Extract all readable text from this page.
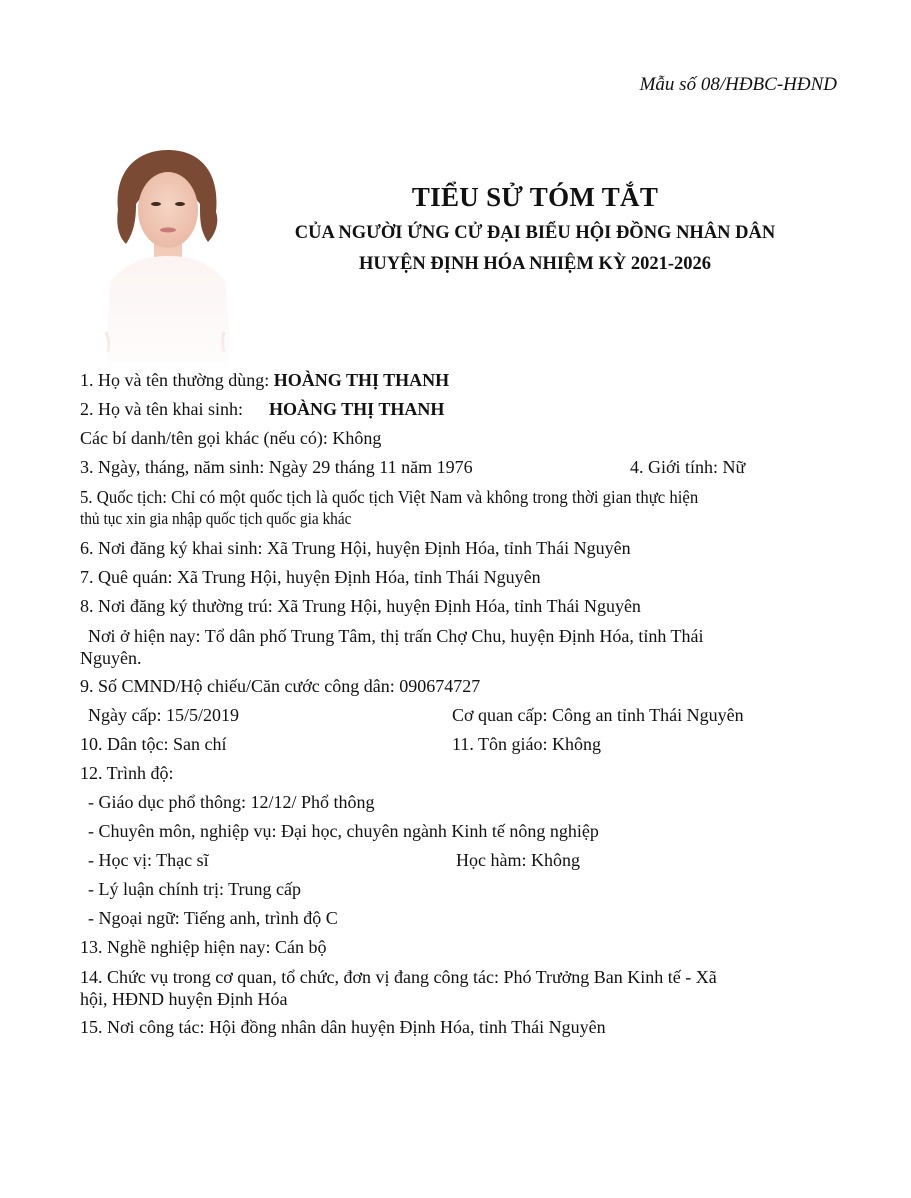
Mẫu số 08/HĐBC-HĐND
TIỂU SỬ TÓM TẮT
CỦA NGƯỜI ỨNG CỬ ĐẠI BIỂU HỘI ĐỒNG NHÂN DÂN
HUYỆN ĐỊNH HÓA NHIỆM KỲ 2021-2026
1. Họ và tên thường dùng: HOÀNG THỊ THANH
2. Họ và tên khai sinh: HOÀNG THỊ THANH
Các bí danh/tên gọi khác (nếu có): Không
3. Ngày, tháng, năm sinh: Ngày 29 tháng 11 năm 1976	4. Giới tính: Nữ
5. Quốc tịch: Chỉ có một quốc tịch là quốc tịch Việt Nam và không trong thời gian thực hiện
thủ tục xin gia nhập quốc tịch quốc gia khác
6. Nơi đăng ký khai sinh: Xã Trung Hội, huyện Định Hóa, tỉnh Thái Nguyên
7. Quê quán: Xã Trung Hội, huyện Định Hóa, tỉnh Thái Nguyên
8. Nơi đăng ký thường trú: Xã Trung Hội, huyện Định Hóa, tỉnh Thái Nguyên
Nơi ở hiện nay: Tổ dân phố Trung Tâm, thị trấn Chợ Chu, huyện Định Hóa, tỉnh Thái
Nguyên.
9. Số CMND/Hộ chiếu/Căn cước công dân: 090674727
Ngày cấp: 15/5/2019	Cơ quan cấp: Công an tỉnh Thái Nguyên
10. Dân tộc: San chí	11. Tôn giáo: Không
12. Trình độ:
- Giáo dục phổ thông: 12/12/ Phổ thông
- Chuyên môn, nghiệp vụ: Đại học, chuyên ngành Kinh tế nông nghiệp
- Học vị: Thạc sĩ	Học hàm: Không
- Lý luận chính trị: Trung cấp
- Ngoại ngữ: Tiếng anh, trình độ C
13. Nghề nghiệp hiện nay: Cán bộ
14. Chức vụ trong cơ quan, tổ chức, đơn vị đang công tác: Phó Trưởng Ban Kinh tế - Xã
hội, HĐND huyện Định Hóa
15. Nơi công tác: Hội đồng nhân dân huyện Định Hóa, tỉnh Thái Nguyên
